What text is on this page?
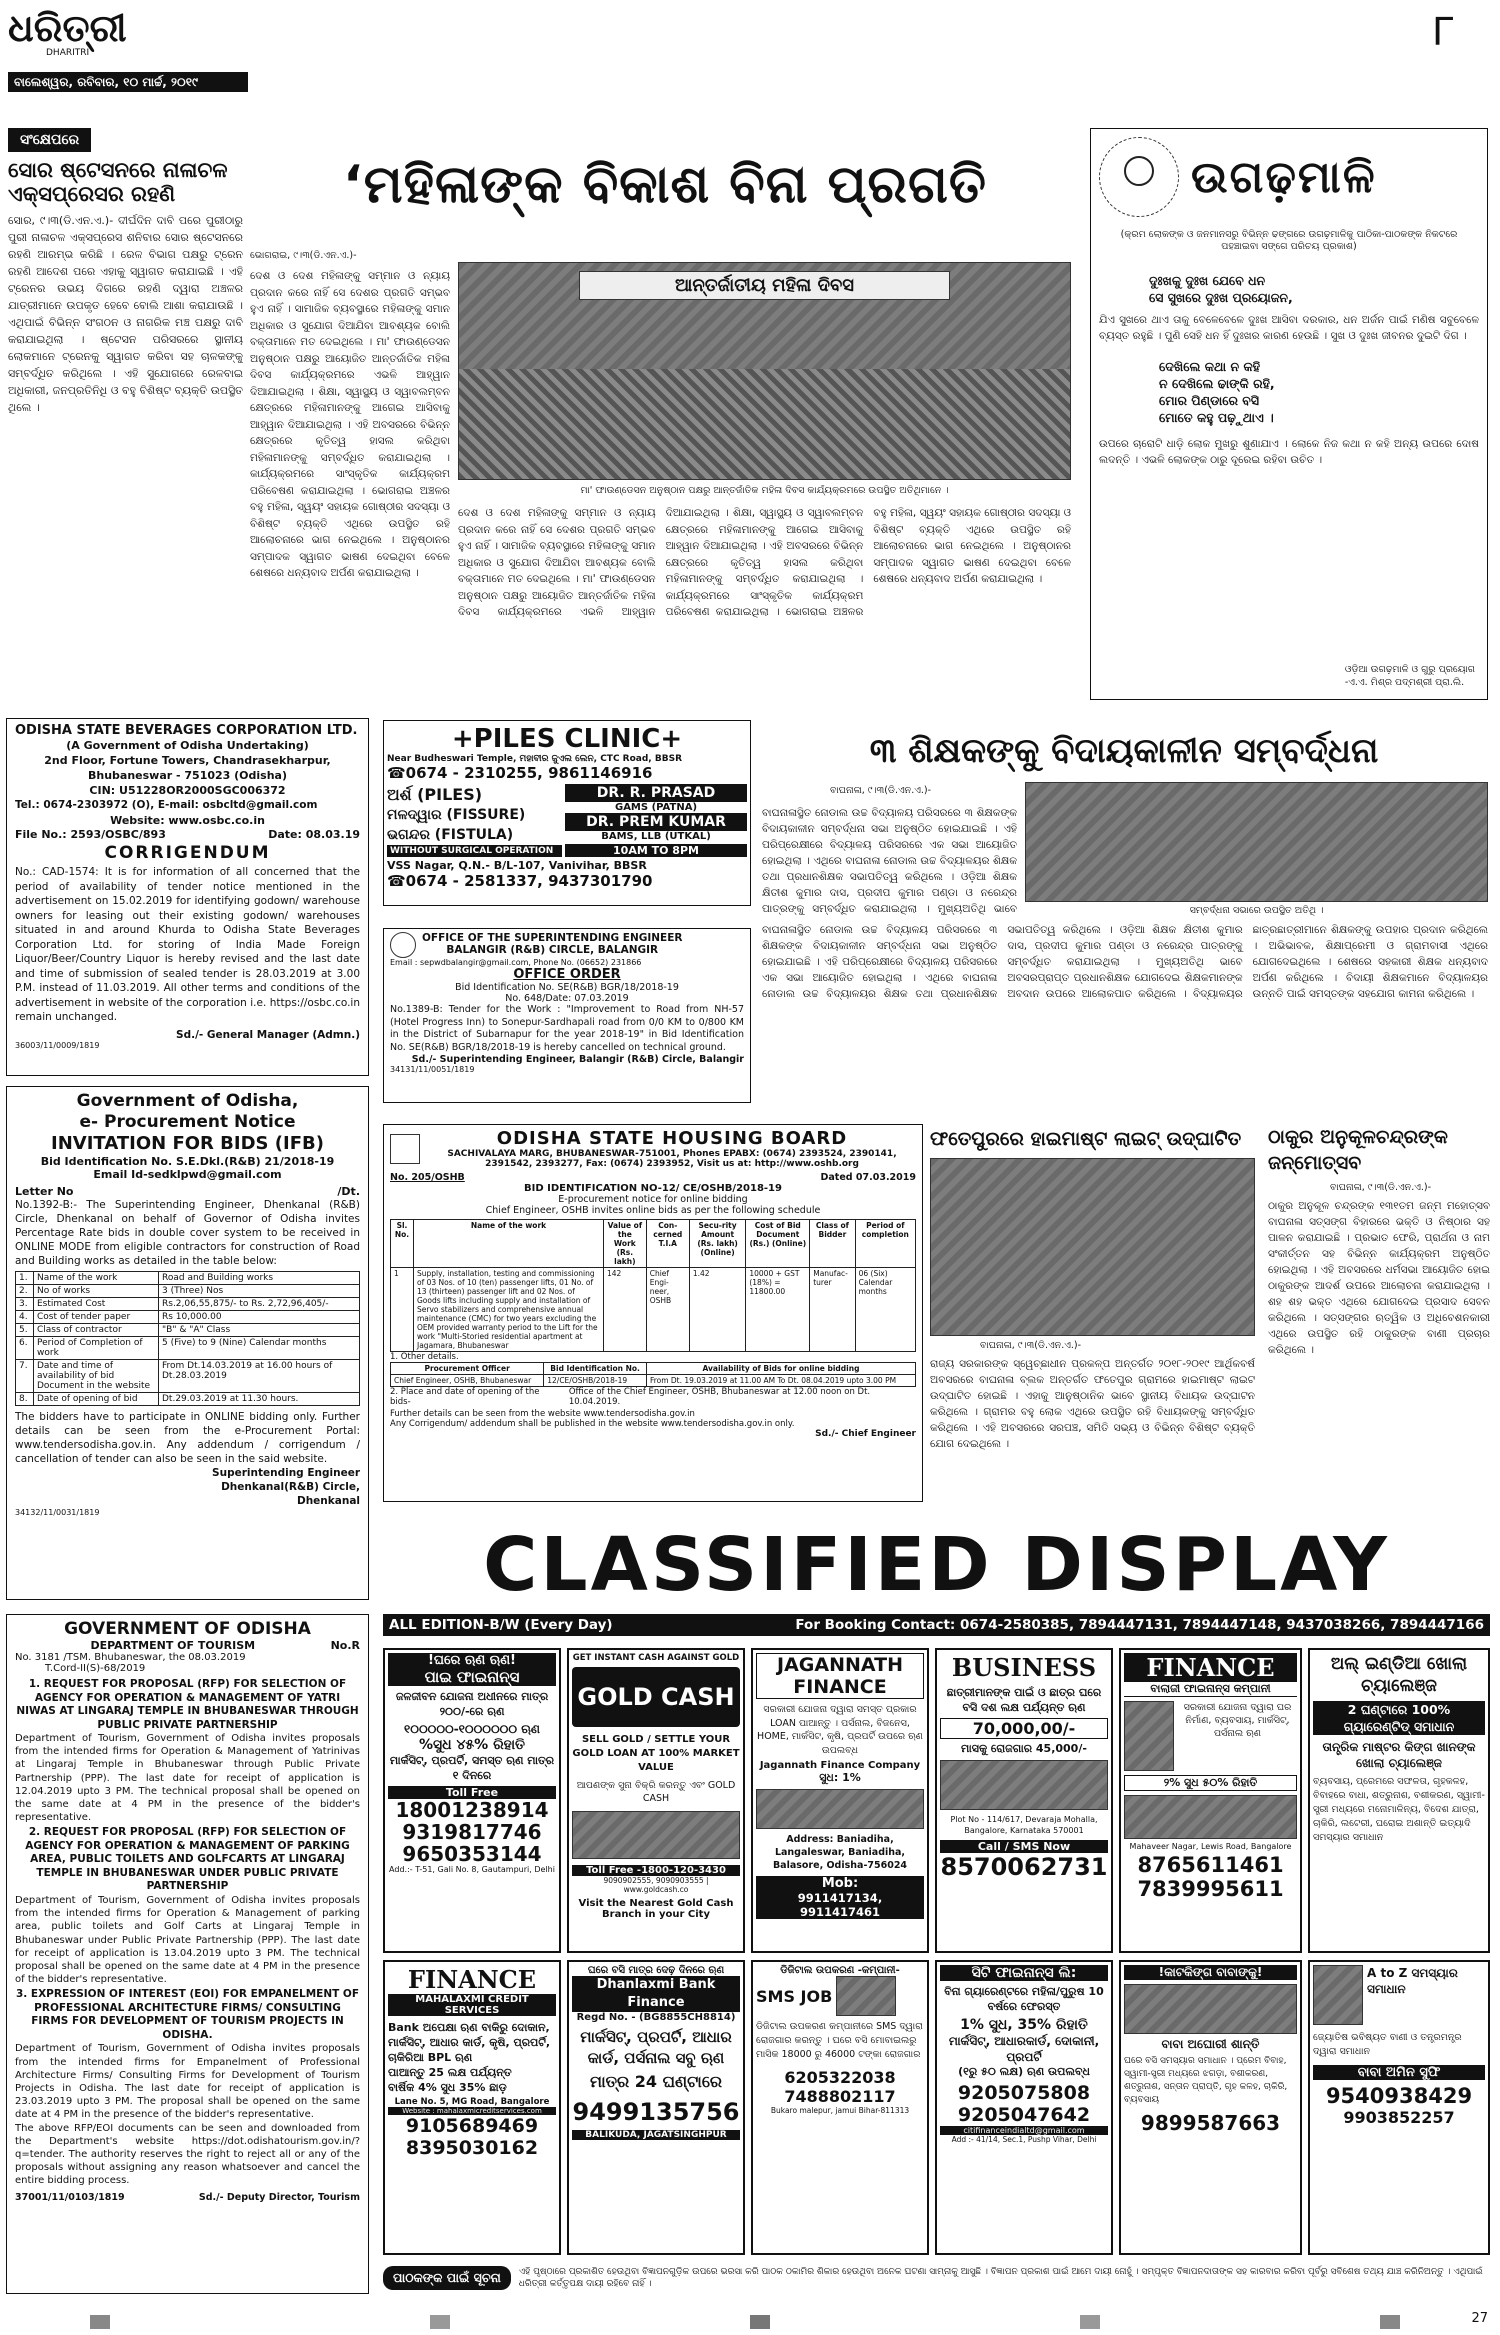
ଧରିତ୍ରୀ
DHARITRI
ବାଲେଶ୍ୱର, ରବିବାର, ୧୦ ମାର୍ଚ୍ଚ, ୨୦୧୯
Γ
ସଂକ୍ଷେପରେ
ସୋର ଷ୍ଟେସନରେ ନାଳାଚଳ ଏକ୍ସପ୍ରେସର ରହଣି
ସୋର, ୯।୩(ଡି.ଏନ.ଏ.)- ଦୀର୍ଘଦିନ ଦାବି ପରେ ପୁରୀଠାରୁ ପୁରୀ ନାଳାଚଳ ଏକ୍ସପ୍ରେସ ଶନିବାର ସୋର ଷ୍ଟେସନରେ ରହଣି ଆରମ୍ଭ କରିଛି । ରେଳ ବିଭାଗ ପକ୍ଷରୁ ଟ୍ରେନ ରହଣି ଆଦେଶ ପରେ ଏହାକୁ ସ୍ୱାଗତ କରାଯାଇଛି । ଏହି ଟ୍ରେନର ଉଭୟ ଦିଗରେ ରହଣି ଦ୍ୱାରା ଅଞ୍ଚଳର ଯାତ୍ରୀମାନେ ଉପକୃତ ହେବେ ବୋଲି ଆଶା କରାଯାଉଛି । ଏଥିପାଇଁ ବିଭିନ୍ନ ସଂଗଠନ ଓ ନାଗରିକ ମଞ୍ଚ ପକ୍ଷରୁ ଦାବି କରାଯାଇଥିଲା । ଷ୍ଟେସନ ପରିସରରେ ସ୍ଥାନୀୟ ଲୋକମାନେ ଟ୍ରେନକୁ ସ୍ୱାଗତ କରିବା ସହ ଚାଳକଙ୍କୁ ସମ୍ବର୍ଦ୍ଧିତ କରିଥିଲେ । ଏହି ସୁଯୋଗରେ ରେଳବାଇ ଅଧିକାରୀ, ଜନପ୍ରତିନିଧି ଓ ବହୁ ବିଶିଷ୍ଟ ବ୍ୟକ୍ତି ଉପସ୍ଥିତ ଥିଲେ ।
‘ମହିଳାଙ୍କ ବିକାଶ ବିନା ପ୍ରଗତି
ଭୋଗରାଇ, ୯।୩(ଡି.ଏନ.ଏ.)-
ଆନ୍ତର୍ଜାତୀୟ ମହିଳା ଦିବସ
ମା' ଫାଉଣ୍ଡେସନ ଅନୁଷ୍ଠାନ ପକ୍ଷରୁ ଆନ୍ତର୍ଜାତିକ ମହିଳା ଦିବସ କାର୍ଯ୍ୟକ୍ରମରେ ଉପସ୍ଥିତ ଅତିଥିମାନେ ।
ଦେଶ ଓ ଦେଶ ମହିଳାଙ୍କୁ ସମ୍ମାନ ଓ ନ୍ୟାୟ ପ୍ରଦାନ କରେ ନାହିଁ ସେ ଦେଶର ପ୍ରଗତି ସମ୍ଭବ ହୁଏ ନାହିଁ । ସାମାଜିକ ବ୍ୟବସ୍ଥାରେ ମହିଳାଙ୍କୁ ସମାନ ଅଧିକାର ଓ ସୁଯୋଗ ଦିଆଯିବା ଆବଶ୍ୟକ ବୋଲି ବକ୍ତାମାନେ ମତ ଦେଇଥିଲେ । ମା' ଫାଉଣ୍ଡେସନ ଅନୁଷ୍ଠାନ ପକ୍ଷରୁ ଆୟୋଜିତ ଆନ୍ତର୍ଜାତିକ ମହିଳା ଦିବସ କାର୍ଯ୍ୟକ୍ରମରେ ଏଭଳି ଆହ୍ୱାନ ଦିଆଯାଇଥିଲା । ଶିକ୍ଷା, ସ୍ୱାସ୍ଥ୍ୟ ଓ ସ୍ୱାବଲମ୍ବନ କ୍ଷେତ୍ରରେ ମହିଳାମାନଙ୍କୁ ଆଗେଇ ଆସିବାକୁ ଆହ୍ୱାନ ଦିଆଯାଇଥିଲା । ଏହି ଅବସରରେ ବିଭିନ୍ନ କ୍ଷେତ୍ରରେ କୃତିତ୍ୱ ହାସଲ କରିଥିବା ମହିଳାମାନଙ୍କୁ ସମ୍ବର୍ଦ୍ଧିତ କରାଯାଇଥିଲା । କାର୍ଯ୍ୟକ୍ରମରେ ସାଂସ୍କୃତିକ କାର୍ଯ୍ୟକ୍ରମ ପରିବେଷଣ କରାଯାଇଥିଲା । ଭୋଗରାଇ ଅଞ୍ଚଳର ବହୁ ମହିଳା, ସ୍ୱୟଂ ସହାୟକ ଗୋଷ୍ଠୀର ସଦସ୍ୟା ଓ ବିଶିଷ୍ଟ ବ୍ୟକ୍ତି ଏଥିରେ ଉପସ୍ଥିତ ରହି ଆଲୋଚନାରେ ଭାଗ ନେଇଥିଲେ । ଅନୁଷ୍ଠାନର ସମ୍ପାଦକ ସ୍ୱାଗତ ଭାଷଣ ଦେଇଥିବା ବେଳେ ଶେଷରେ ଧନ୍ୟବାଦ ଅର୍ପଣ କରାଯାଇଥିଲା ।
ଦେଶ ଓ ଦେଶ ମହିଳାଙ୍କୁ ସମ୍ମାନ ଓ ନ୍ୟାୟ ପ୍ରଦାନ କରେ ନାହିଁ ସେ ଦେଶର ପ୍ରଗତି ସମ୍ଭବ ହୁଏ ନାହିଁ । ସାମାଜିକ ବ୍ୟବସ୍ଥାରେ ମହିଳାଙ୍କୁ ସମାନ ଅଧିକାର ଓ ସୁଯୋଗ ଦିଆଯିବା ଆବଶ୍ୟକ ବୋଲି ବକ୍ତାମାନେ ମତ ଦେଇଥିଲେ । ମା' ଫାଉଣ୍ଡେସନ ଅନୁଷ୍ଠାନ ପକ୍ଷରୁ ଆୟୋଜିତ ଆନ୍ତର୍ଜାତିକ ମହିଳା ଦିବସ କାର୍ଯ୍ୟକ୍ରମରେ ଏଭଳି ଆହ୍ୱାନ ଦିଆଯାଇଥିଲା । ଶିକ୍ଷା, ସ୍ୱାସ୍ଥ୍ୟ ଓ ସ୍ୱାବଲମ୍ବନ କ୍ଷେତ୍ରରେ ମହିଳାମାନଙ୍କୁ ଆଗେଇ ଆସିବାକୁ ଆହ୍ୱାନ ଦିଆଯାଇଥିଲା । ଏହି ଅବସରରେ ବିଭିନ୍ନ କ୍ଷେତ୍ରରେ କୃତିତ୍ୱ ହାସଲ କରିଥିବା ମହିଳାମାନଙ୍କୁ ସମ୍ବର୍ଦ୍ଧିତ କରାଯାଇଥିଲା । କାର୍ଯ୍ୟକ୍ରମରେ ସାଂସ୍କୃତିକ କାର୍ଯ୍ୟକ୍ରମ ପରିବେଷଣ କରାଯାଇଥିଲା । ଭୋଗରାଇ ଅଞ୍ଚଳର ବହୁ ମହିଳା, ସ୍ୱୟଂ ସହାୟକ ଗୋଷ୍ଠୀର ସଦସ୍ୟା ଓ ବିଶିଷ୍ଟ ବ୍ୟକ୍ତି ଏଥିରେ ଉପସ୍ଥିତ ରହି ଆଲୋଚନାରେ ଭାଗ ନେଇଥିଲେ । ଅନୁଷ୍ଠାନର ସମ୍ପାଦକ ସ୍ୱାଗତ ଭାଷଣ ଦେଇଥିବା ବେଳେ ଶେଷରେ ଧନ୍ୟବାଦ ଅର୍ପଣ କରାଯାଇଥିଲା ।
ଉଗଢ଼ମାଳି
(କ୍ରମ ଲୋକଙ୍କ ଓ ଜନମାନସରୁ ବିଭିନ୍ନ ଢଙ୍ଗରେ ଉଗଢ଼ମାଳିକୁ ପାଠିକା-ପାଠକଙ୍କ ନିକଟରେ ପହଞ୍ଚାଇବା ସଙ୍ଗେ ପରିଚୟ ପ୍ରକାଶ)
ଦୁଃଖକୁ ଦୁଃଖ ଯେବେ ଧନ
ସେ ସୁଖରେ ଦୁଃଖ ପ୍ରୟୋଜନ,
ଯିଏ ସୁଖରେ ଥାଏ ତାକୁ ବେଳେବେଳେ ଦୁଃଖ ଆସିବା ଦରକାର, ଧନ ଅର୍ଜନ ପାଇଁ ମଣିଷ ସବୁବେଳେ ବ୍ୟସ୍ତ ରହୁଛି । ପୁଣି ସେହି ଧନ ହିଁ ଦୁଃଖର କାରଣ ହେଉଛି । ସୁଖ ଓ ଦୁଃଖ ଜୀବନର ଦୁଇଟି ଦିଗ ।
ଦେଖିଲେ କଥା ନ କହି
ନ ଦେଖିଲେ ଢାଙ୍କି ରହି,
ମୋର ପିଣ୍ଡାରେ ବସି
ମୋତେ କହୁ ପଢ଼ୁଥାଏ ।
ଉପରେ ଚାରୋଟି ଧାଡ଼ି ଲୋକ ମୁଖରୁ ଶୁଣାଯାଏ । ଲୋକେ ନିଜ କଥା ନ କହି ଅନ୍ୟ ଉପରେ ଦୋଷ ଲଦନ୍ତି । ଏଭଳି ଲୋକଙ୍କ ଠାରୁ ଦୂରେଇ ରହିବା ଉଚିତ ।
ଓଡ଼ିଆ ଉଗଢ଼ମାଳି ଓ ଗୁରୁ ପ୍ରୟୋଗ
-ଏ.ଏ. ମିଶ୍ର ପଦ୍ମଶ୍ରୀ ପ୍ରା.ଲି.
ODISHA STATE BEVERAGES CORPORATION LTD.
(A Government of Odisha Undertaking)
2nd Floor, Fortune Towers, Chandrasekharpur,
Bhubaneswar - 751023 (Odisha)
CIN: U51228OR2000SGC006372
Tel.: 0674-2303972 (O), E-mail: osbcltd@gmail.com
Website: www.osbc.co.in
File No.: 2593/OSBC/893	Date: 08.03.19
CORRIGENDUM
No.: CAD-1574: It is for information of all concerned that the period of availability of tender notice mentioned in the advertisement on 15.02.2019 for identifying godown/ warehouse owners for leasing out their existing godown/ warehouses situated in and around Khurda to Odisha State Beverages Corporation Ltd. for storing of India Made Foreign Liquor/Beer/Country Liquor is hereby revised and the last date and time of submission of sealed tender is 28.03.2019 at 3.00 P.M. instead of 11.03.2019. All other terms and conditions of the advertisement in website of the corporation i.e. https://osbc.co.in remain unchanged.
Sd./- General Manager (Admn.)
36003/11/0009/1819
+PILES CLINIC+
Near Budheswari Temple, ମହାବୀର ଜୁଏଲ ଲେନ, CTC Road, BBSR
☎0674 - 2310255, 9861146916
ଅର୍ଶ (PILES)
ମଳଦ୍ୱାର (FISSURE)
ଭଗନ୍ଦର (FISTULA)
WITHOUT SURGICAL OPERATION
DR. R. PRASAD
GAMS (PATNA)
DR. PREM KUMAR
BAMS, LLB (UTKAL)
10AM TO 8PM
VSS Nagar, Q.N.- B/L-107, Vanivihar, BBSR
☎0674 - 2581337, 9437301790
OFFICE OF THE SUPERINTENDING ENGINEER
BALANGIR (R&B) CIRCLE, BALANGIR
Email : sepwdbalangir@gmail.com, Phone No. (06652) 231866
OFFICE ORDER
Bid Identification No. SE(R&B) BGR/18/2018-19
No. 648/Date: 07.03.2019
No.1389-B: Tender for the Work : "Improvement to Road from NH-57 (Hotel Progress Inn) to Sonepur-Sardhapali road from 0/0 KM to 0/800 KM in the District of Subarnapur for the year 2018-19" in Bid Identification No. SE(R&B) BGR/18/2018-19 is hereby cancelled on technical ground.
Sd./- Superintending Engineer, Balangir (R&B) Circle, Balangir
34131/11/0051/1819
୩ ଶିକ୍ଷକଙ୍କୁ ବିଦାୟକାଳୀନ ସମ୍ବର୍ଦ୍ଧନା
ବାଘନାଳା, ୯।୩(ଡି.ଏନ.ଏ.)-
ସମ୍ବର୍ଦ୍ଧନା ସଭାରେ ଉପସ୍ଥିତ ଅତିଥି ।
ବାଘନାଳାସ୍ଥିତ ନୋଡାଲ ଉଚ୍ଚ ବିଦ୍ୟାଳୟ ପରିସରରେ ୩ ଶିକ୍ଷକଙ୍କ ବିଦାୟକାଳୀନ ସମ୍ବର୍ଦ୍ଧନା ସଭା ଅନୁଷ୍ଠିତ ହୋଇଯାଇଛି । ଏହି ପରିପ୍ରେକ୍ଷୀରେ ବିଦ୍ୟାଳୟ ପରିସରରେ ଏକ ସଭା ଆୟୋଜିତ ହୋଇଥିଲା । ଏଥିରେ ବାଘନାଳା ନୋଡାଲ ଉଚ୍ଚ ବିଦ୍ୟାଳୟର ଶିକ୍ଷକ ତଥା ପ୍ରଧାନଶିକ୍ଷକ ସଭାପତିତ୍ୱ କରିଥିଲେ । ଓଡ଼ିଆ ଶିକ୍ଷକ କ୍ଷିତୀଶ କୁମାର ଦାସ, ପ୍ରଦୀପ କୁମାର ପଣ୍ଡା ଓ ନରେନ୍ଦ୍ର ପାତ୍ରଙ୍କୁ ସମ୍ବର୍ଦ୍ଧିତ କରାଯାଇଥିଲା । ମୁଖ୍ୟଅତିଥି ଭାବେ
ବାଘନାଳାସ୍ଥିତ ନୋଡାଲ ଉଚ୍ଚ ବିଦ୍ୟାଳୟ ପରିସରରେ ୩ ଶିକ୍ଷକଙ୍କ ବିଦାୟକାଳୀନ ସମ୍ବର୍ଦ୍ଧନା ସଭା ଅନୁଷ୍ଠିତ ହୋଇଯାଇଛି । ଏହି ପରିପ୍ରେକ୍ଷୀରେ ବିଦ୍ୟାଳୟ ପରିସରରେ ଏକ ସଭା ଆୟୋଜିତ ହୋଇଥିଲା । ଏଥିରେ ବାଘନାଳା ନୋଡାଲ ଉଚ୍ଚ ବିଦ୍ୟାଳୟର ଶିକ୍ଷକ ତଥା ପ୍ରଧାନଶିକ୍ଷକ ସଭାପତିତ୍ୱ କରିଥିଲେ । ଓଡ଼ିଆ ଶିକ୍ଷକ କ୍ଷିତୀଶ କୁମାର ଦାସ, ପ୍ରଦୀପ କୁମାର ପଣ୍ଡା ଓ ନରେନ୍ଦ୍ର ପାତ୍ରଙ୍କୁ ସମ୍ବର୍ଦ୍ଧିତ କରାଯାଇଥିଲା । ମୁଖ୍ୟଅତିଥି ଭାବେ ଅବସରପ୍ରାପ୍ତ ପ୍ରଧାନଶିକ୍ଷକ ଯୋଗଦେଇ ଶିକ୍ଷକମାନଙ୍କ ଅବଦାନ ଉପରେ ଆଲୋକପାତ କରିଥିଲେ । ବିଦ୍ୟାଳୟର ଛାତ୍ରଛାତ୍ରୀମାନେ ଶିକ୍ଷକଙ୍କୁ ଉପହାର ପ୍ରଦାନ କରିଥିଲେ । ଅଭିଭାବକ, ଶିକ୍ଷାପ୍ରେମୀ ଓ ଗ୍ରାମବାସୀ ଏଥିରେ ଯୋଗଦେଇଥିଲେ । ଶେଷରେ ସହକାରୀ ଶିକ୍ଷକ ଧନ୍ୟବାଦ ଅର୍ପଣ କରିଥିଲେ । ବିଦାୟୀ ଶିକ୍ଷକମାନେ ବିଦ୍ୟାଳୟର ଉନ୍ନତି ପାଇଁ ସମସ୍ତଙ୍କ ସହଯୋଗ କାମନା କରିଥିଲେ ।
Government of Odisha,
e- Procurement Notice
INVITATION FOR BIDS (IFB)
Bid Identification No. S.E.Dkl.(R&B) 21/2018-19
Email Id-sedklpwd@gmail.com
Letter No	/Dt.
No.1392-B:- The Superintending Engineer, Dhenkanal (R&B) Circle, Dhenkanal on behalf of Governor of Odisha invites Percentage Rate bids in double cover system to be received in ONLINE MODE from eligible contractors for construction of Road and Building works as detailed in the table below:
1.	Name of the work	Road and Building works
2.	No of works	3 (Three) Nos
3.	Estimated Cost	Rs.2,06,55,875/- to Rs. 2,72,96,405/-
4.	Cost of tender paper	Rs 10,000.00
5.	Class of contractor	"B" & "A" Class
6.	Period of Completion of work	5 (Five) to 9 (Nine) Calendar months
7.	Date and time of availability of bid Document in the website	From Dt.14.03.2019 at 16.00 hours of Dt.28.03.2019
8.	Date of opening of bid	Dt.29.03.2019 at 11.30 hours.
The bidders have to participate in ONLINE bidding only. Further details can be seen from the e-Procurement Portal: www.tendersodisha.gov.in. Any addendum / corrigendum / cancellation of tender can also be seen in the said website.
Superintending Engineer
Dhenkanal(R&B) Circle,
Dhenkanal
34132/11/0031/1819
ODISHA STATE HOUSING BOARD
SACHIVALAYA MARG, BHUBANESWAR-751001, Phones EPABX: (0674) 2393524, 2390141,
2391542, 2393277, Fax: (0674) 2393952, Visit us at: http://www.oshb.org
No. 205/OSHB	Dated 07.03.2019
BID IDENTIFICATION NO-12/ CE/OSHB/2018-19
E-procurement notice for online bidding
Chief Engineer, OSHB invites online bids as per the following schedule
Sl. No.	Name of the work	Value of the Work (Rs. lakh)	Con-cerned T.I.A	Secu-rity Amount (Rs. lakh) (Online)	Cost of Bid Document (Rs.) (Online)	Class of Bidder	Period of completion
1	Supply, installation, testing and commissioning of 03 Nos. of 10 (ten) passenger lifts, 01 No. of 13 (thirteen) passenger lift and 02 Nos. of Goods lifts including supply and installation of Servo stabilizers and comprehensive annual maintenance (CMC) for two years excluding the OEM provided warranty period to the Lift for the work "Multi-Storied residential apartment at Jagamara, Bhubaneswar	142	Chief Engi-neer, OSHB	1.42	10000 + GST (18%) = 11800.00	Manufac-turer	06 (Six) Calendar months
1. Other details.
Procurement Officer	Bid Identification No.	Availability of Bids for online bidding
Chief Engineer, OSHB, Bhubaneswar	12/CE/OSHB/2018-19	From Dt. 19.03.2019 at 11.00 AM To Dt. 08.04.2019 upto 3.00 PM
2. Place and date of opening of the bids-
Office of the Chief Engineer, OSHB, Bhubaneswar at 12.00 noon on Dt. 10.04.2019.
Further details can be seen from the website www.tendersodisha.gov.in
Any Corrigendum/ addendum shall be published in the website www.tendersodisha.gov.in only.
Sd./- Chief Engineer
ଫତେପୁରରେ ହାଇମାଷ୍ଟ ଲାଇଟ୍ ଉଦ୍‌ଘାଟିତ
ବାଘନାଳା, ୯।୩(ଡି.ଏନ.ଏ.)-
ରାଜ୍ୟ ସରକାରଙ୍କ ସ୍ୱେଚ୍ଛାଧୀନ ପ୍ରକଳ୍ପ ଅନ୍ତର୍ଗତ ୨୦୧୮-୨୦୧୯ ଆର୍ଥିକବର୍ଷ ଅବସରରେ ବାଘନାଳା ବ୍ଲକ ଅନ୍ତର୍ଗତ ଫତେପୁର ଗ୍ରାମରେ ହାଇମାଷ୍ଟ ଲାଇଟ ଉଦ୍‌ଘାଟିତ ହୋଇଛି । ଏହାକୁ ଆନୁଷ୍ଠାନିକ ଭାବେ ସ୍ଥାନୀୟ ବିଧାୟକ ଉଦ୍‌ଘାଟନ କରିଥିଲେ । ଗ୍ରାମର ବହୁ ଲୋକ ଏଥିରେ ଉପସ୍ଥିତ ରହି ବିଧାୟକଙ୍କୁ ସମ୍ବର୍ଦ୍ଧିତ କରିଥିଲେ । ଏହି ଅବସରରେ ସରପଞ୍ଚ, ସମିତି ସଭ୍ୟ ଓ ବିଭିନ୍ନ ବିଶିଷ୍ଟ ବ୍ୟକ୍ତି ଯୋଗ ଦେଇଥିଲେ ।
ଠାକୁର ଅନୁକୂଳଚନ୍ଦ୍ରଙ୍କ ଜନ୍ମୋତ୍ସବ
ବାଘନାଳା, ୯।୩(ଡି.ଏନ.ଏ.)-
ଠାକୁର ଅନୁକୂଳ ଚନ୍ଦ୍ରଙ୍କ ୧୩୧ତମ ଜନ୍ମ ମହୋତ୍ସବ ବାଘନାଳା ସତ୍ସଙ୍ଗ ବିହାରରେ ଭକ୍ତି ଓ ନିଷ୍ଠାର ସହ ପାଳନ କରାଯାଇଛି । ପ୍ରଭାତ ଫେରି, ପ୍ରାର୍ଥନା ଓ ନାମ ସଂକୀର୍ତ୍ତନ ସହ ବିଭିନ୍ନ କାର୍ଯ୍ୟକ୍ରମ ଅନୁଷ୍ଠିତ ହୋଇଥିଲା । ଏହି ଅବସରରେ ଧର୍ମସଭା ଆୟୋଜିତ ହୋଇ ଠାକୁରଙ୍କ ଆଦର୍ଶ ଉପରେ ଆଲୋଚନା କରାଯାଇଥିଲା । ଶହ ଶହ ଭକ୍ତ ଏଥିରେ ଯୋଗଦେଇ ପ୍ରସାଦ ସେବନ କରିଥିଲେ । ସତ୍ସଙ୍ଗର ଋତ୍ୱିକ ଓ ଅଧିବେଶନକାରୀ ଏଥିରେ ଉପସ୍ଥିତ ରହି ଠାକୁରଙ୍କ ବାଣୀ ପ୍ରଚାର କରିଥିଲେ ।
GOVERNMENT OF ODISHA
DEPARTMENT OF TOURISM	No.R
No. 3181 /TSM. Bhubaneswar, the 08.03.2019
T.Cord-II(S)-68/2019
1. REQUEST FOR PROPOSAL (RFP) FOR SELECTION OF AGENCY FOR OPERATION & MANAGEMENT OF YATRI NIWAS AT LINGARAJ TEMPLE IN BHUBANESWAR THROUGH PUBLIC PRIVATE PARTNERSHIP
Department of Tourism, Government of Odisha invites proposals from the intended firms for Operation & Management of Yatrinivas at Lingaraj Temple in Bhubaneswar through Public Private Partnership (PPP). The last date for receipt of application is 12.04.2019 upto 3 PM. The technical proposal shall be opened on the same date at 4 PM in the presence of the bidder's representative.
2. REQUEST FOR PROPOSAL (RFP) FOR SELECTION OF AGENCY FOR OPERATION & MANAGEMENT OF PARKING AREA, PUBLIC TOILETS AND GOLFCARTS AT LINGARAJ TEMPLE IN BHUBANESWAR UNDER PUBLIC PRIVATE PARTNERSHIP
Department of Tourism, Government of Odisha invites proposals from the intended firms for Operation & Management of parking area, public toilets and Golf Carts at Lingaraj Temple in Bhubaneswar under Public Private Partnership (PPP). The last date for receipt of application is 13.04.2019 upto 3 PM. The technical proposal shall be opened on the same date at 4 PM in the presence of the bidder's representative.
3. EXPRESSION OF INTEREST (EOI) FOR EMPANELMENT OF PROFESSIONAL ARCHITECTURE FIRMS/ CONSULTING FIRMS FOR DEVELOPMENT OF TOURISM PROJECTS IN ODISHA.
Department of Tourism, Government of Odisha invites proposals from the intended firms for Empanelment of Professional Architecture Firms/ Consulting Firms for Development of Tourism Projects in Odisha. The last date for receipt of application is 23.03.2019 upto 3 PM. The proposal shall be opened on the same date at 4 PM in the presence of the bidder's representative.
The above RFP/EOI documents can be seen and downloaded from the Department's website https://dot.odishatourism.gov.in/?q=tender. The authority reserves the right to reject all or any of the proposals without assigning any reason whatsoever and cancel the entire bidding process.
37001/11/0103/1819	Sd./- Deputy Director, Tourism
CLASSIFIED DISPLAY
ALL EDITION-B/W (Every Day)	For Booking Contact: 0674-2580385, 7894447131, 7894447148, 9437038266, 7894447166
!ଘରେ ଋଣ ଋଣ!
ପାଇ ଫାଇନାନ୍ସ
ଜଳଜୀବନ ଯୋଜନା ଅଧୀନରେ ମାତ୍ର ୨୦୦/-ରେ ଋଣ
୧୦୦୦୦୦-୧୦୦୦୦୦୦ ଋଣ
%ସୁଧ ୪୫% ରିହାତି
ମାର୍କସିଟ୍, ପ୍ରପର୍ଟି, ସମସ୍ତ ଋଣ ମାତ୍ର ୧ ଦିନରେ
Toll Free
18001238914
9319817746
9650353144
Add.:- T-51, Gali No. 8, Gautampuri, Delhi
GET INSTANT CASH AGAINST GOLD
GOLD CASH
SELL GOLD / SETTLE YOUR GOLD LOAN AT 100% MARKET VALUE
ଆପଣଙ୍କ ସୁନା ବିକ୍ରି କରନ୍ତୁ ଏବଂ GOLD CASH
Toll Free -1800-120-3430
9090902555, 9090903555 | www.goldcash.co
Visit the Nearest Gold Cash Branch in your City
JAGANNATH FINANCE
ସରକାରୀ ଯୋଜନା ଦ୍ୱାରା ସମସ୍ତ ପ୍ରକାର LOAN ପାଆନ୍ତୁ । ପର୍ସନାଲ, ବିଜନେସ, HOME, ମାର୍କସିଟ, କୃଷି, ପ୍ରପର୍ଟି ଉପରେ ଋଣ ଉପଲବ୍ଧ
Jagannath Finance Company
ସୁଧ: 1%
Address: Baniadiha, Langaleswar, Baniadiha, Balasore, Odisha-756024
Mob:
9911417134, 9911417461
BUSINESS
ଛାତ୍ରୀମାନଙ୍କ ପାଇଁ ଓ ଛାତ୍ର ଘରେ ବସି ଦଶ ଲକ୍ଷ ପର୍ଯ୍ୟନ୍ତ ଋଣ
70,000,00/-
ମାସକୁ ରୋଜଗାର 45,000/-
Plot No - 114/617, Devaraja Mohalla, Bangalore, Karnataka 570001
Call / SMS Now
8570062731
FINANCE
ବାଲାଜୀ ଫାଇନାନ୍ସ କମ୍ପାନୀ
ସରକାରୀ ଯୋଜନା ଦ୍ୱାରା ଘର ନିର୍ମାଣ, ବ୍ୟବସାୟ, ମାର୍କସିଟ୍, ପର୍ସନାଲ ଋଣ
୨% ସୁଧ ୫୦% ରିହାତି
Mahaveer Nagar, Lewis Road, Bangalore
8765611461
7839995611
ଅଲ୍ ଇଣ୍ଡିଆ ଖୋଲା ଚ୍ୟାଲେଞ୍ଜ
2 ଘଣ୍ଟାରେ 100% ଗ୍ୟାରେଣ୍ଟିଡ୍ ସମାଧାନ
ତାନ୍ତ୍ରିକ ମାଷ୍ଟର କିଙ୍ଗ ଖାନଙ୍କ ଖୋଲା ଚ୍ୟାଲେଞ୍ଜ
ବ୍ୟବସାୟ, ପ୍ରେମରେ ସଫଳତା, ଗୃହକଳହ, ବିବାହରେ ବାଧା, ଶତ୍ରୁନାଶ, ବଶୀକରଣ, ସ୍ୱାମୀ-ସ୍ତ୍ରୀ ମଧ୍ୟରେ ମନୋମାଳିନ୍ୟ, ବିଦେଶ ଯାତ୍ରା, ଚାକିରି, ଲଟେରୀ, ଘରୋଇ ଅଶାନ୍ତି ଇତ୍ୟାଦି ସମସ୍ୟାର ସମାଧାନ
FINANCE
MAHALAXMI CREDIT SERVICES
Bank ଅପେକ୍ଷା ଋଣ ବାକିରୁ ଦୋକାନ, ମାର୍କସିଟ୍, ଆଧାର କାର୍ଡ, କୃଷି, ପ୍ରପର୍ଟି, ଚାକିରିଆ BPL ଋଣ
ପାଆନ୍ତୁ 25 ଲକ୍ଷ ପର୍ଯ୍ୟନ୍ତ
ବାର୍ଷିକ 4% ସୁଧ 35% ଛାଡ଼
Lane No. 5, MG Road, Bangalore
Website : mahalaxmicreditservices.com
9105689469
8395030162
ଘରେ ବସି ମାତ୍ର ଦେଢ଼ ଦିନରେ ଋଣ
Dhanlaxmi Bank Finance
Regd No. - (BG8855CH8814)
ମାର୍କସିଟ୍, ପ୍ରପର୍ଟି, ଆଧାର କାର୍ଡ, ପର୍ସନାଲ ସବୁ ଋଣ
ମାତ୍ର 24 ଘଣ୍ଟାରେ
9499135756
BALIKUDA, JAGATSINGHPUR
ଡିଜିଟାଲ ଉପକରଣ -କମ୍ପାନୀ-
SMS JOB
ଡିଜିଟାଲ ଉପକରଣ କମ୍ପାନୀରେ SMS ଦ୍ୱାରା ରୋଜଗାର କରନ୍ତୁ । ଘରେ ବସି ମୋବାଇଲରୁ ମାସିକ 18000 ରୁ 46000 ଟଙ୍କା ରୋଜଗାର
6205322038
7488802117
Bukaro malepur, jamui Bihar-811313
ସିଟି ଫାଇନାନ୍ସ ଲି:
ବିନା ଗ୍ୟାରେଣ୍ଟରେ ମହିଳା/ପୁରୁଷ 10 ବର୍ଷରେ ଫେରସ୍ତ
1% ସୁଧ, 35% ରିହାତି
ମାର୍କସିଟ୍, ଆଧାରକାର୍ଡ, ଦୋକାନୀ, ପ୍ରପର୍ଟି
(୧ରୁ ୫୦ ଲକ୍ଷ) ଋଣ ଉପଲବ୍ଧ
9205075808
9205047642
citifinanceindialtd@gmail.com
Add :- 41/14, Sec.1, Pushp Vihar, Delhi
!କାଟକିଙ୍ଗ ବାବାଙ୍କୁ!
ବାବା ଅଘୋରୀ ଶାନ୍ତି
ଘରେ ବସି ସମସ୍ୟାର ସମାଧାନ । ପ୍ରେମ ବିବାହ, ସ୍ୱାମୀ-ସ୍ତ୍ରୀ ମଧ୍ୟରେ ଝଗଡ଼ା, ବଶୀକରଣ, ଶତ୍ରୁନାଶ, ସନ୍ତାନ ପ୍ରାପ୍ତି, ଗୃହ କଳହ, ଚାକିରି, ବ୍ୟବସାୟ
9899587663
A to Z ସମସ୍ୟାର ସମାଧାନ
ଜ୍ୟୋତିଷ ଭବିଷ୍ୟତ ବାଣୀ ଓ ତନ୍ତ୍ରମନ୍ତ୍ର ଦ୍ୱାରା ସମାଧାନ
ବାବା ଅମିନ ସୁଫି
9540938429
9903852257
ପାଠକଙ୍କ ପାଇଁ ସୂଚନା	ଏହି ପୃଷ୍ଠାରେ ପ୍ରକାଶିତ ହେଉଥିବା ବିଜ୍ଞାପନଗୁଡ଼ିକ ଉପରେ ଭରସା କରି ପାଠକ ଠକାମିର ଶିକାର ହେଉଥିବା ଅନେକ ଘଟଣା ସାମ୍ନାକୁ ଆସୁଛି । ବିଜ୍ଞାପନ ପ୍ରକାଶ ପାଇଁ ଆମେ ଦାୟୀ ନୋହୁଁ । ସମ୍ପୃକ୍ତ ବିଜ୍ଞାପନଦାତାଙ୍କ ସହ କାରବାର କରିବା ପୂର୍ବରୁ ସବିଶେଷ ତଥ୍ୟ ଯାଞ୍ଚ କରିନିଅନ୍ତୁ । ଏଥିପାଇଁ ଧରିତ୍ରୀ କର୍ତ୍ତୃପକ୍ଷ ଦାୟୀ ରହିବେ ନାହିଁ ।
27
